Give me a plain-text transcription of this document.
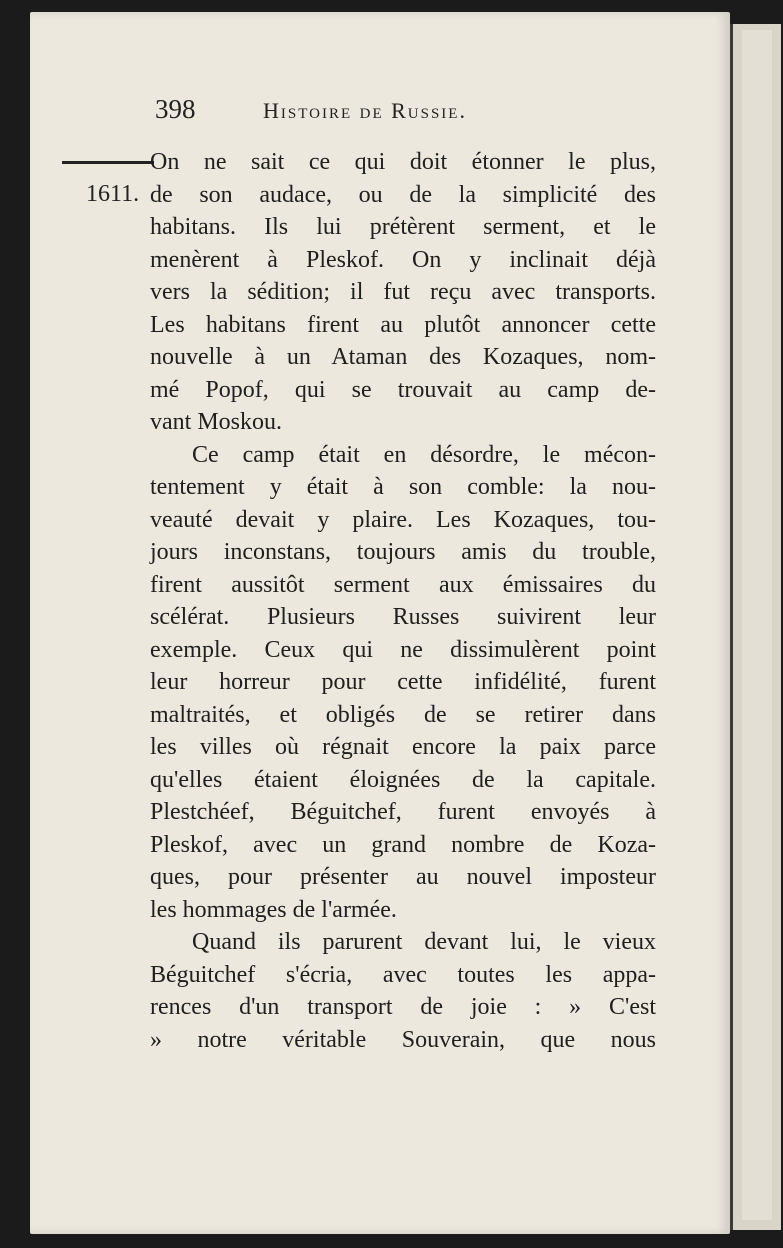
398	Histoire de Russie.
1611.
On ne sait ce qui doit étonner le plus,
de son audace, ou de la simplicité des
habitans. Ils lui prétèrent serment, et le
menèrent à Pleskof. On y inclinait déjà
vers la sédition; il fut reçu avec transports.
Les habitans firent au plutôt annoncer cette
nouvelle à un Ataman des Kozaques, nom-
mé Popof, qui se trouvait au camp de-
vant Moskou.
Ce camp était en désordre, le mécon-
tentement y était à son comble: la nou-
veauté devait y plaire. Les Kozaques, tou-
jours inconstans, toujours amis du trouble,
firent aussitôt serment aux émissaires du
scélérat. Plusieurs Russes suivirent leur
exemple. Ceux qui ne dissimulèrent point
leur horreur pour cette infidélité, furent
maltraités, et obligés de se retirer dans
les villes où régnait encore la paix parce
qu'elles étaient éloignées de la capitale.
Plestchéef, Béguitchef, furent envoyés à
Pleskof, avec un grand nombre de Koza-
ques, pour présenter au nouvel imposteur
les hommages de l'armée.
Quand ils parurent devant lui, le vieux
Béguitchef s'écria, avec toutes les appa-
rences d'un transport de joie : » C'est
» notre véritable Souverain, que nous
